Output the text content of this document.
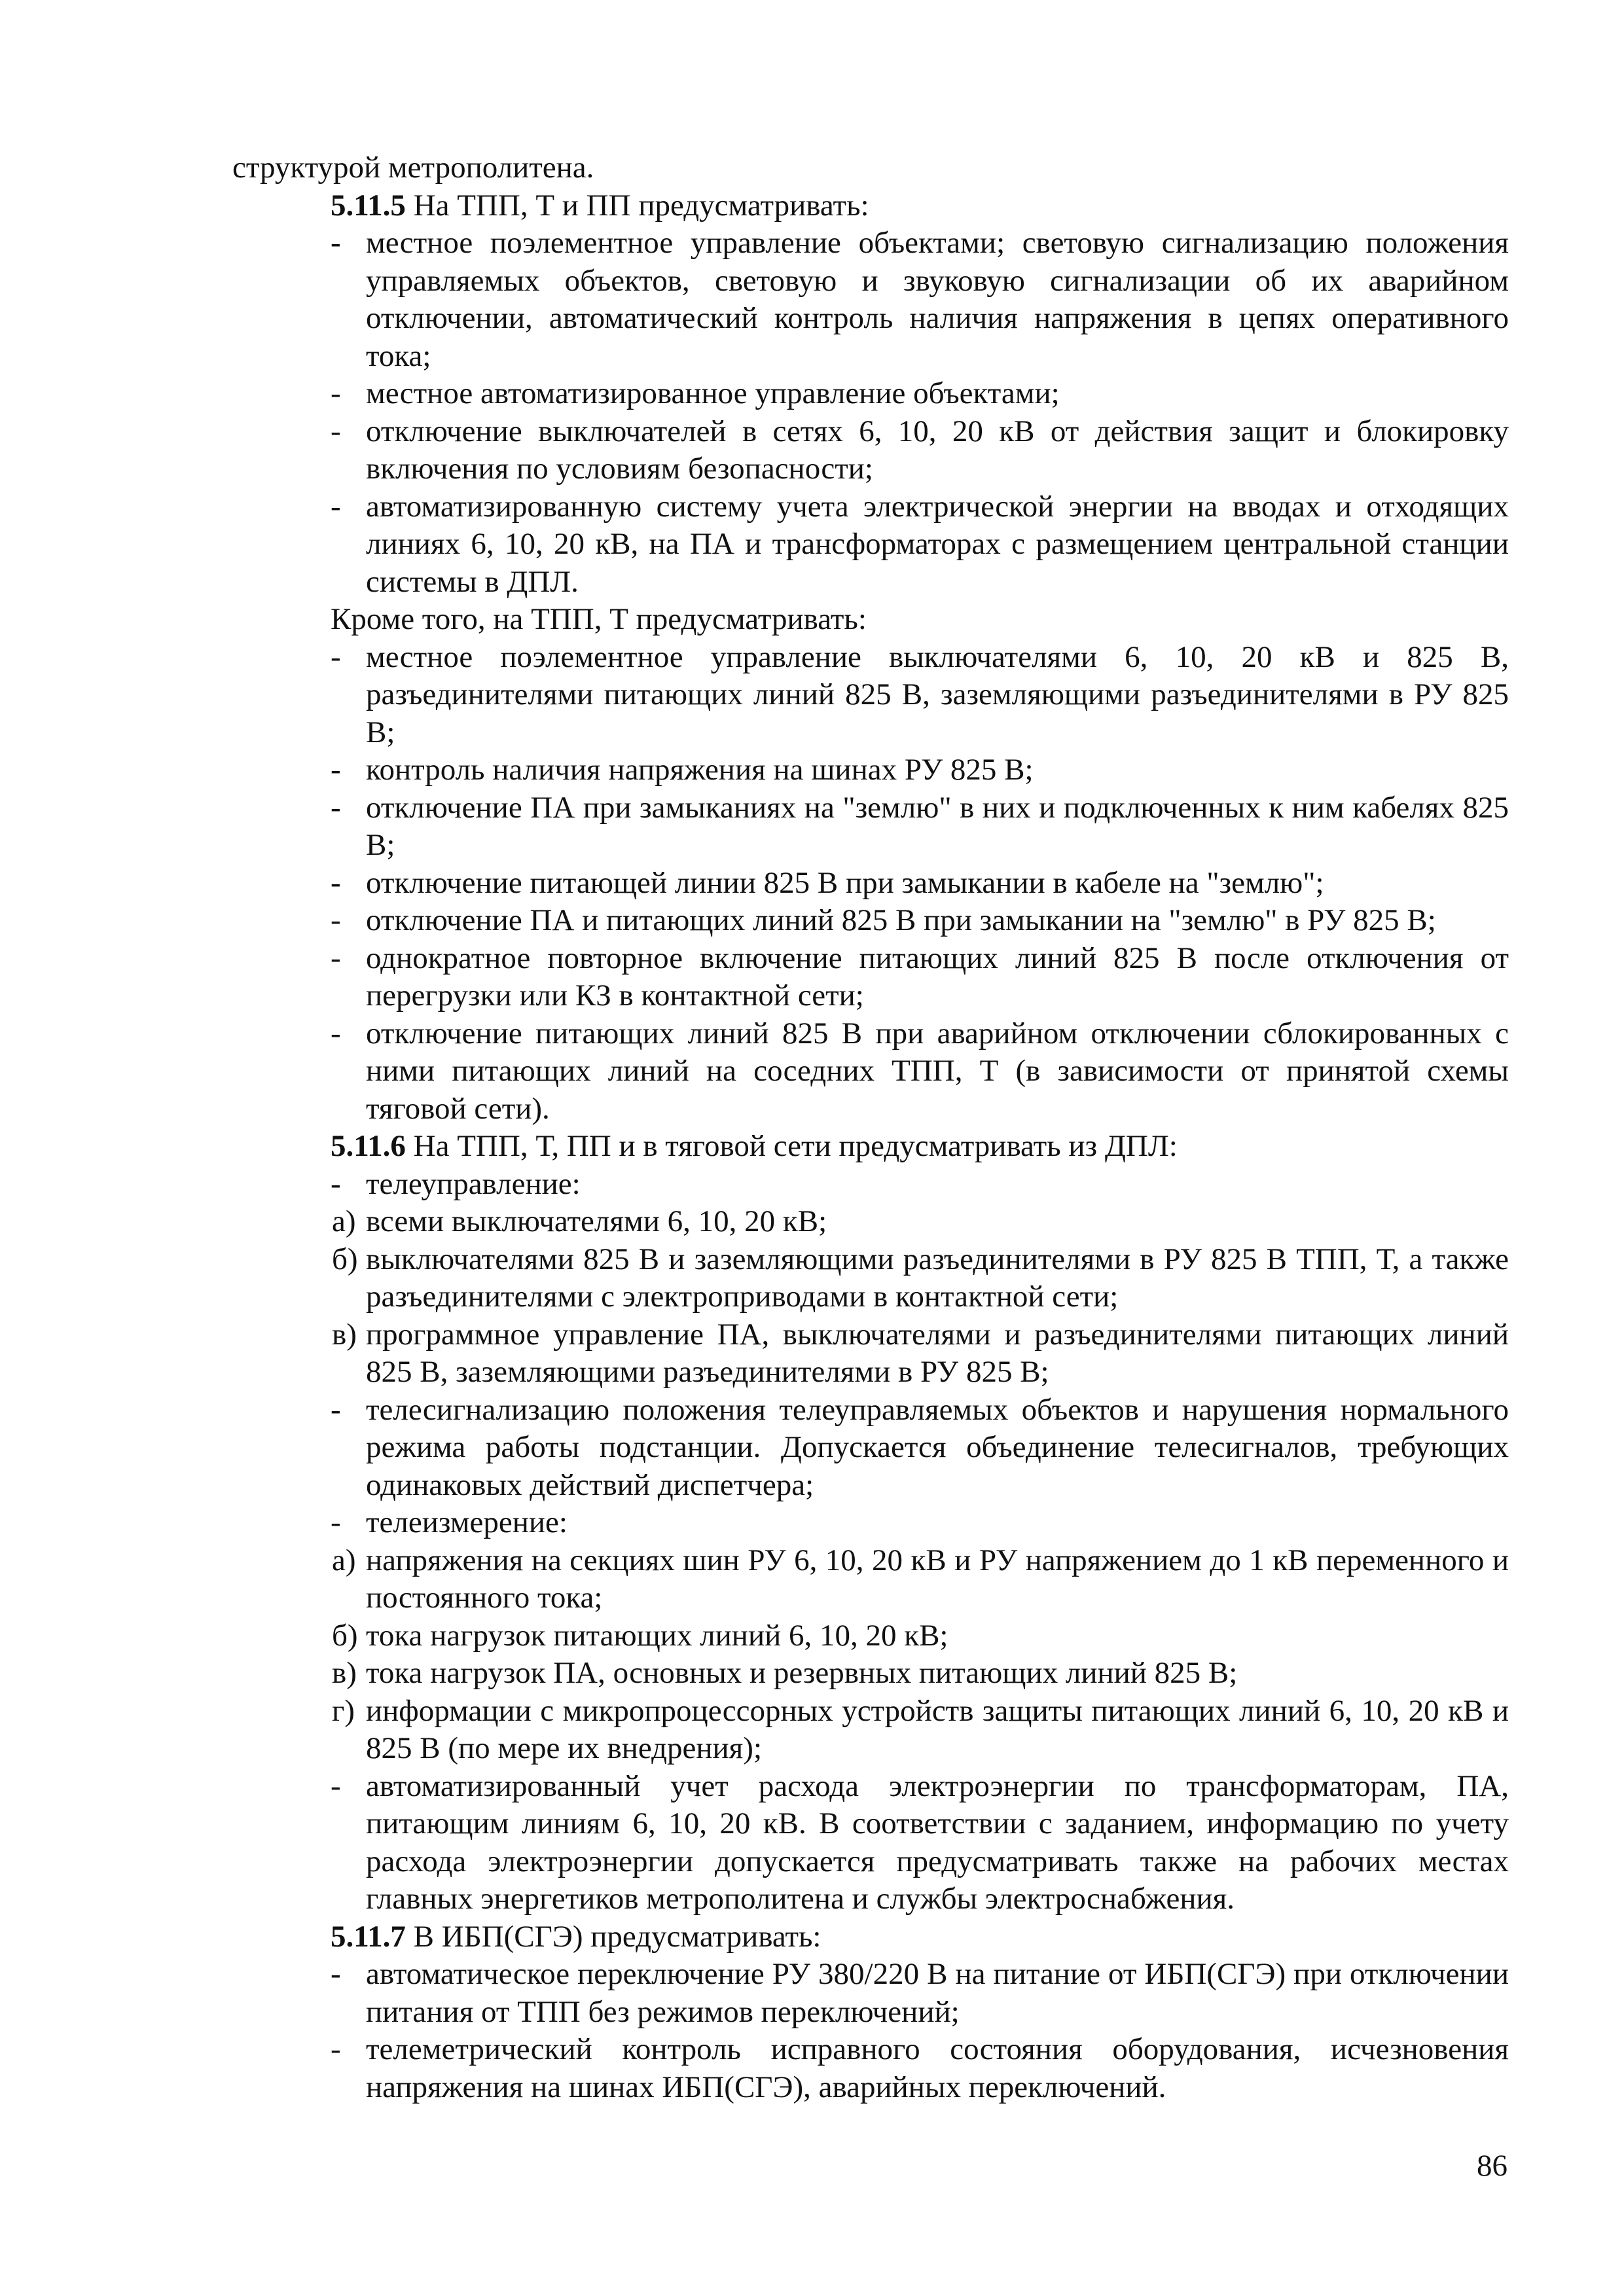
структурой метрополитена.

5.11.5 На ТПП, Т и ПП предусматривать:

- местное поэлементное управление объектами; световую сигнализацию положения управляемых объектов, световую и звуковую сигнализации об их аварийном отключении, автоматический контроль наличия напряжения в цепях оперативного тока;
- местное автоматизированное управление объектами;
- отключение выключателей в сетях 6, 10, 20 кВ от действия защит и блокировку включения по условиям безопасности;
- автоматизированную систему учета электрической энергии на вводах и отходящих линиях 6, 10, 20 кВ, на ПА и трансформаторах с размещением центральной станции системы в ДПЛ.

Кроме того, на ТПП, Т предусматривать:

- местное поэлементное управление выключателями 6, 10, 20 кВ и 825 В, разъединителями питающих линий 825 В, заземляющими разъединителями в РУ 825 В;
- контроль наличия напряжения на шинах РУ 825 В;
- отключение ПА при замыканиях на "землю" в них и подключенных к ним кабелях 825 В;
- отключение питающей линии 825 В при замыкании в кабеле на "землю";
- отключение ПА и питающих линий 825 В при замыкании на "землю" в РУ 825 В;
- однократное повторное включение питающих линий 825 В после отключения от перегрузки или КЗ в контактной сети;
- отключение питающих линий 825 В при аварийном отключении сблокированных с ними питающих линий на соседних ТПП, Т (в зависимости от принятой схемы тяговой сети).

5.11.6 На ТПП, Т, ПП и в тяговой сети предусматривать из ДПЛ:

- телеуправление:
а) всеми выключателями 6, 10, 20 кВ;
б) выключателями 825 В и заземляющими разъединителями в РУ 825 В ТПП, Т, а также разъединителями с электроприводами в контактной сети;
в) программное управление ПА, выключателями и разъединителями питающих линий 825 В, заземляющими разъединителями в РУ 825 В;
- телесигнализацию положения телеуправляемых объектов и нарушения нормального режима работы подстанции. Допускается объединение телесигналов, требующих одинаковых действий диспетчера;
- телеизмерение:
а) напряжения на секциях шин РУ 6, 10, 20 кВ и РУ напряжением до 1 кВ переменного и постоянного тока;
б) тока нагрузок питающих линий 6, 10, 20 кВ;
в) тока нагрузок ПА, основных и резервных питающих линий 825 В;
г) информации с микропроцессорных устройств защиты питающих линий 6, 10, 20 кВ и 825 В (по мере их внедрения);
- автоматизированный учет расхода электроэнергии по трансформаторам, ПА, питающим линиям 6, 10, 20 кВ. В соответствии с заданием, информацию по учету расхода электроэнергии допускается предусматривать также на рабочих местах главных энергетиков метрополитена и службы электроснабжения.

5.11.7 В ИБП(СГЭ) предусматривать:

- автоматическое переключение РУ 380/220 В на питание от ИБП(СГЭ) при отключении питания от ТПП без режимов переключений;
- телеметрический контроль исправного состояния оборудования, исчезновения напряжения на шинах ИБП(СГЭ), аварийных переключений.
86
